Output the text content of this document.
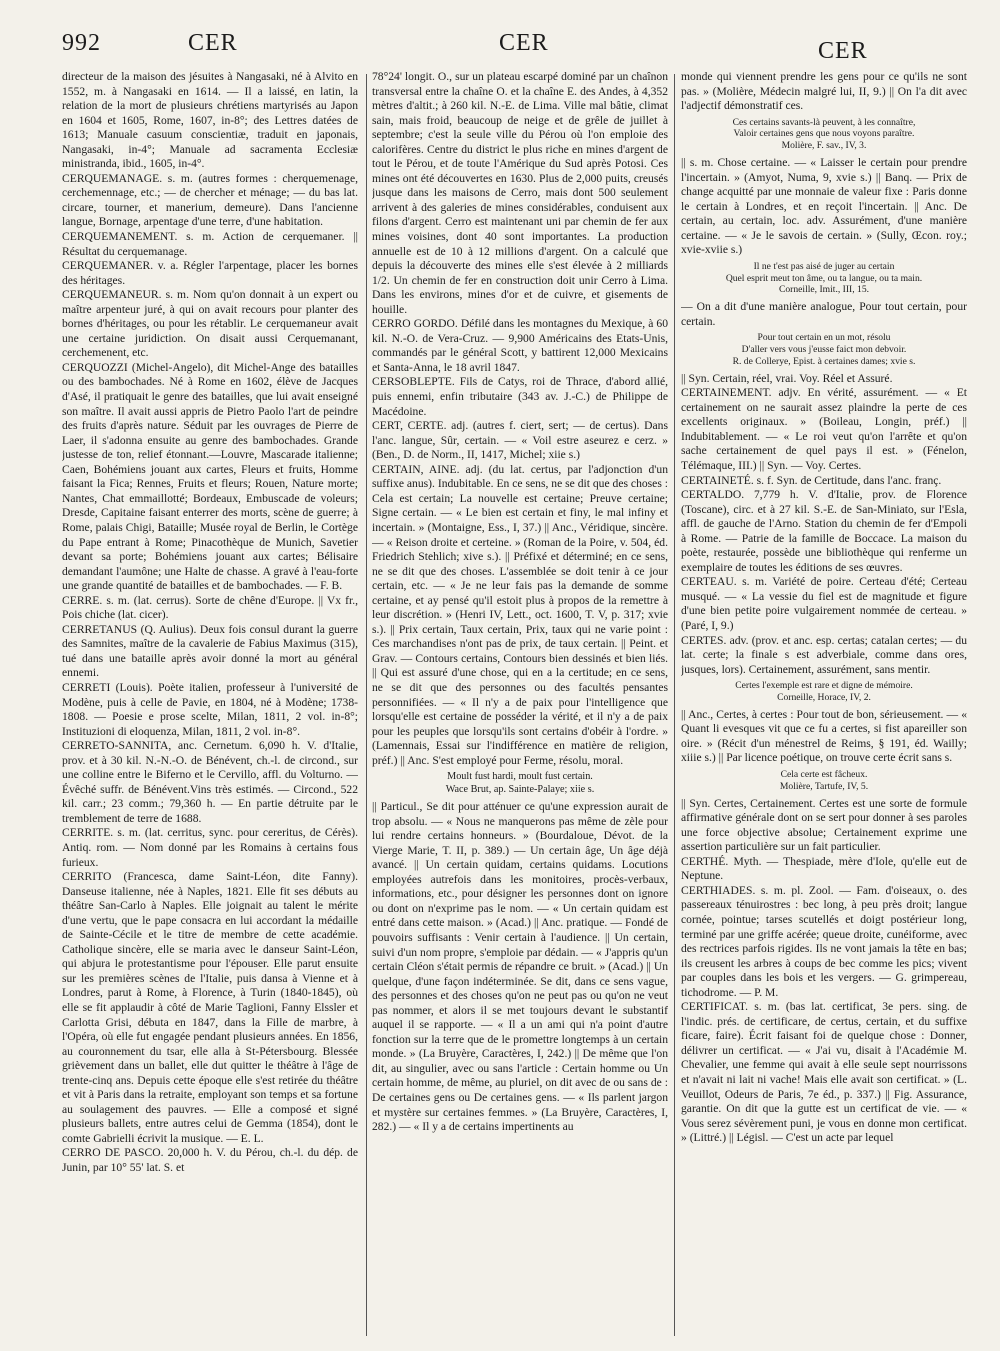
992	CER	CER	CER

directeur de la maison des jésuites à Nangasaki, né à Alvito en 1552, m. à Nangasaki en 1614. — Il a laissé, en latin, la relation de la mort de plusieurs chrétiens martyrisés au Japon en 1604 et 1605, Rome, 1607, in-8°; des Lettres datées de 1613; Manuale casuum conscientiæ, traduit en japonais, Nangasaki, in-4°; Manuale ad sacramenta Ecclesiæ ministranda, ibid., 1605, in-4°.

CERQUEMANAGE. s. m. (autres formes : cherquemenage, cerchemennage, etc.; — de chercher et ménage; — du bas lat. circare, tourner, et manerium, demeure). Dans l'ancienne langue, Bornage, arpentage d'une terre, d'une habitation.

CERQUEMANEMENT. s. m. Action de cerquemaner. || Résultat du cerquemanage.

CERQUEMANER. v. a. Régler l'arpentage, placer les bornes des héritages.

CERQUEMANEUR. s. m. Nom qu'on donnait à un expert ou maître arpenteur juré, à qui on avait recours pour planter des bornes d'héritages, ou pour les rétablir. Le cerquemaneur avait une certaine juridiction. On disait aussi Cerquemanant, cerchemenent, etc.

CERQUOZZI (Michel-Angelo), dit Michel-Ange des batailles ou des bambochades. Né à Rome en 1602, élève de Jacques d'Asé, il pratiquait le genre des batailles, que lui avait enseigné son maître. Il avait aussi appris de Pietro Paolo l'art de peindre des fruits d'après nature. Séduit par les ouvrages de Pierre de Laer, il s'adonna ensuite au genre des bambochades. Grande justesse de ton, relief étonnant.—Louvre, Mascarade italienne; Caen, Bohémiens jouant aux cartes, Fleurs et fruits, Homme faisant la Fica; Rennes, Fruits et fleurs; Rouen, Nature morte; Nantes, Chat emmaillotté; Bordeaux, Embuscade de voleurs; Dresde, Capitaine faisant enterrer des morts, scène de guerre; à Rome, palais Chigi, Bataille; Musée royal de Berlin, le Cortège du Pape entrant à Rome; Pinacothèque de Munich, Savetier devant sa porte; Bohémiens jouant aux cartes; Bélisaire demandant l'aumône; une Halte de chasse. A gravé à l'eau-forte une grande quantité de batailles et de bambochades. — F. B.

CERRE. s. m. (lat. cerrus). Sorte de chêne d'Europe. || Vx fr., Pois chiche (lat. cicer).

CERRETANUS (Q. Aulius). Deux fois consul durant la guerre des Samnites, maître de la cavalerie de Fabius Maximus (315), tué dans une bataille après avoir donné la mort au général ennemi.

CERRETI (Louis). Poète italien, professeur à l'université de Modène, puis à celle de Pavie, en 1804, né à Modène; 1738-1808. — Poesie e prose scelte, Milan, 1811, 2 vol. in-8°; Instituzioni di eloquenza, Milan, 1811, 2 vol. in-8°.

CERRETO-SANNITA, anc. Cernetum. 6,090 h. V. d'Italie, prov. et à 30 kil. N.-N.-O. de Bénévent, ch.-l. de circond., sur une colline entre le Biferno et le Cervillo, affl. du Volturno. — Évêché suffr. de Bénévent.Vins très estimés. — Circond., 522 kil. carr.; 23 comm.; 79,360 h. — En partie détruite par le tremblement de terre de 1688.

CERRITE. s. m. (lat. cerritus, sync. pour cereritus, de Cérès). Antiq. rom. — Nom donné par les Romains à certains fous furieux.

CERRITO (Francesca, dame Saint-Léon, dite Fanny). Danseuse italienne, née à Naples, 1821. Elle fit ses débuts au théâtre San-Carlo à Naples. Elle joignait au talent le mérite d'une vertu, que le pape consacra en lui accordant la médaille de Sainte-Cécile et le titre de membre de cette académie. Catholique sincère, elle se maria avec le danseur Saint-Léon, qui abjura le protestantisme pour l'épouser. Elle parut ensuite sur les premières scènes de l'Italie, puis dansa à Vienne et à Londres, parut à Rome, à Florence, à Turin (1840-1845), où elle se fit applaudir à côté de Marie Taglioni, Fanny Elssler et Carlotta Grisi, débuta en 1847, dans la Fille de marbre, à l'Opéra, où elle fut engagée pendant plusieurs années. En 1856, au couronnement du tsar, elle alla à St-Pétersbourg. Blessée grièvement dans un ballet, elle dut quitter le théâtre à l'âge de trente-cinq ans. Depuis cette époque elle s'est retirée du théâtre et vit à Paris dans la retraite, employant son temps et sa fortune au soulagement des pauvres. — Elle a composé et signé plusieurs ballets, entre autres celui de Gemma (1854), dont le comte Gabrielli écrivit la musique. — E. L.

CERRO DE PASCO. 20,000 h. V. du Pérou, ch.-l. du dép. de Junin, par 10° 55' lat. S. et

78°24' longit. O., sur un plateau escarpé dominé par un chaînon transversal entre la chaîne O. et la chaîne E. des Andes, à 4,352 mètres d'altit.; à 260 kil. N.-E. de Lima. Ville mal bâtie, climat sain, mais froid, beaucoup de neige et de grêle de juillet à septembre; c'est la seule ville du Pérou où l'on emploie des calorifères. Centre du district le plus riche en mines d'argent de tout le Pérou, et de toute l'Amérique du Sud après Potosi. Ces mines ont été découvertes en 1630. Plus de 2,000 puits, creusés jusque dans les maisons de Cerro, mais dont 500 seulement arrivent à des galeries de mines considérables, conduisent aux filons d'argent. Cerro est maintenant uni par chemin de fer aux mines voisines, dont 40 sont importantes. La production annuelle est de 10 à 12 millions d'argent. On a calculé que depuis la découverte des mines elle s'est élevée à 2 milliards 1/2. Un chemin de fer en construction doit unir Cerro à Lima. Dans les environs, mines d'or et de cuivre, et gisements de houille.

CERRO GORDO. Défilé dans les montagnes du Mexique, à 60 kil. N.-O. de Vera-Cruz. — 9,900 Américains des Etats-Unis, commandés par le général Scott, y battirent 12,000 Mexicains et Santa-Anna, le 18 avril 1847.

CERSOBLEPTE. Fils de Catys, roi de Thrace, d'abord allié, puis ennemi, enfin tributaire (343 av. J.-C.) de Philippe de Macédoine.

CERT, CERTE. adj. (autres f. ciert, sert; — de certus). Dans l'anc. langue, Sûr, certain. — « Voil estre aseurez e cerz. » (Ben., D. de Norm., II, 1417, Michel; xiie s.)

CERTAIN, AINE. adj. (du lat. certus, par l'adjonction d'un suffixe anus). Indubitable. En ce sens, ne se dit que des choses : Cela est certain; La nouvelle est certaine; Preuve certaine; Signe certain. — « Le bien est certain et finy, le mal infiny et incertain. » (Montaigne, Ess., I, 37.) || Anc., Véridique, sincère. — « Reison droite et certeine. » (Roman de la Poire, v. 504, éd. Friedrich Stehlich; xive s.). || Préfixé et déterminé; en ce sens, ne se dit que des choses. L'assemblée se doit tenir à ce jour certain, etc. — « Je ne leur fais pas la demande de somme certaine, et ay pensé qu'il estoit plus à propos de la remettre à leur discrétion. » (Henri IV, Lett., oct. 1600, T. V, p. 317; xvie s.). || Prix certain, Taux certain, Prix, taux qui ne varie point : Ces marchandises n'ont pas de prix, de taux certain. || Peint. et Grav. — Contours certains, Contours bien dessinés et bien liés. || Qui est assuré d'une chose, qui en a la certitude; en ce sens, ne se dit que des personnes ou des facultés pensantes personnifiées. — « Il n'y a de paix pour l'intelligence que lorsqu'elle est certaine de posséder la vérité, et il n'y a de paix pour les peuples que lorsqu'ils sont certains d'obéir à l'ordre. » (Lamennais, Essai sur l'indifférence en matière de religion, préf.) || Anc. S'est employé pour Ferme, résolu, moral.

Moult fust hardi, moult fust certain.
Wace Brut, ap. Sainte-Palaye; xiie s.

|| Particul., Se dit pour atténuer ce qu'une expression aurait de trop absolu. — « Nous ne manquerons pas même de zèle pour lui rendre certains honneurs. » (Bourdaloue, Dévot. de la Vierge Marie, T. II, p. 389.) — Un certain âge, Un âge déjà avancé. || Un certain quidam, certains quidams. Locutions employées autrefois dans les monitoires, procès-verbaux, informations, etc., pour désigner les personnes dont on ignore ou dont on n'exprime pas le nom. — « Un certain quidam est entré dans cette maison. » (Acad.) || Anc. pratique. — Fondé de pouvoirs suffisants : Venir certain à l'audience. || Un certain, suivi d'un nom propre, s'emploie par dédain. — « J'appris qu'un certain Cléon s'était permis de répandre ce bruit. » (Acad.) || Un quelque, d'une façon indéterminée. Se dit, dans ce sens vague, des personnes et des choses qu'on ne peut pas ou qu'on ne veut pas nommer, et alors il se met toujours devant le substantif auquel il se rapporte. — « Il a un ami qui n'a point d'autre fonction sur la terre que de le promettre longtemps à un certain monde. » (La Bruyère, Caractères, I, 242.) || De même que l'on dit, au singulier, avec ou sans l'article : Certain homme ou Un certain homme, de même, au pluriel, on dit avec de ou sans de : De certaines gens ou De certaines gens. — « Ils parlent jargon et mystère sur certaines femmes. » (La Bruyère, Caractères, I, 282.) — « Il y a de certains impertinents au

monde qui viennent prendre les gens pour ce qu'ils ne sont pas. » (Molière, Médecin malgré lui, II, 9.) || On l'a dit avec l'adjectif démonstratif ces.

Ces certains savants-là peuvent, à les connaître,
Valoir certaines gens que nous voyons paraître.
Molière, F. sav., IV, 3.

|| s. m. Chose certaine. — « Laisser le certain pour prendre l'incertain. » (Amyot, Numa, 9, xvie s.) || Banq. — Prix de change acquitté par une monnaie de valeur fixe : Paris donne le certain à Londres, et en reçoit l'incertain. || Anc. De certain, au certain, loc. adv. Assurément, d'une manière certaine. — « Je le savois de certain. » (Sully, Œcon. roy.; xvie-xviie s.)

Il ne t'est pas aisé de juger au certain
Quel esprit meut ton âme, ou ta langue, ou ta main.
Corneille, Imit., III, 15.

— On a dit d'une manière analogue, Pour tout certain, pour certain.

Pour tout certain en un mot, résolu
D'aller vers vous j'eusse faict mon debvoir.
R. de Collerye, Epist. à certaines dames; xvie s.

|| Syn. Certain, réel, vrai. Voy. Réel et Assuré.

CERTAINEMENT. adjv. En vérité, assurément. — « Et certainement on ne saurait assez plaindre la perte de ces excellents originaux. » (Boileau, Longin, préf.) || Indubitablement. — « Le roi veut qu'on l'arrête et qu'on sache certainement de quel pays il est. » (Fénelon, Télémaque, III.) || Syn. — Voy. Certes.

CERTAINETÉ. s. f. Syn. de Certitude, dans l'anc. franç.

CERTALDO. 7,779 h. V. d'Italie, prov. de Florence (Toscane), circ. et à 27 kil. S.-E. de San-Miniato, sur l'Esla, affl. de gauche de l'Arno. Station du chemin de fer d'Empoli à Rome. — Patrie de la famille de Boccace. La maison du poète, restaurée, possède une bibliothèque qui renferme un exemplaire de toutes les éditions de ses œuvres.

CERTEAU. s. m. Variété de poire. Certeau d'été; Certeau musqué. — « La vessie du fiel est de magnitude et figure d'une bien petite poire vulgairement nommée de certeau. » (Paré, I, 9.)

CERTES. adv. (prov. et anc. esp. certas; catalan certes; — du lat. certe; la finale s est adverbiale, comme dans ores, jusques, lors). Certainement, assurément, sans mentir.

Certes l'exemple est rare et digne de mémoire.
Corneille, Horace, IV, 2.

|| Anc., Certes, à certes : Pour tout de bon, sérieusement. — « Quant li evesques vit que ce fu a certes, si fist apareiller son oire. » (Récit d'un ménestrel de Reims, § 191, éd. Wailly; xiiie s.) || Par licence poétique, on trouve certe écrit sans s.

Cela certe est fâcheux.
Molière, Tartufe, IV, 5.

|| Syn. Certes, Certainement. Certes est une sorte de formule affirmative générale dont on se sert pour donner à ses paroles une force objective absolue; Certainement exprime une assertion particulière sur un fait particulier.

CERTHÉ. Myth. — Thespiade, mère d'Iole, qu'elle eut de Neptune.

CERTHIADES. s. m. pl. Zool. — Fam. d'oiseaux, o. des passereaux ténuirostres : bec long, à peu près droit; langue cornée, pointue; tarses scutellés et doigt postérieur long, terminé par une griffe acérée; queue droite, cunéiforme, avec des rectrices parfois rigides. Ils ne vont jamais la tête en bas; ils creusent les arbres à coups de bec comme les pics; vivent par couples dans les bois et les vergers. — G. grimpereau, tichodrome. — P. M.

CERTIFICAT. s. m. (bas lat. certificat, 3e pers. sing. de l'indic. prés. de certificare, de certus, certain, et du suffixe ficare, faire). Écrit faisant foi de quelque chose : Donner, délivrer un certificat. — « J'ai vu, disait à l'Académie M. Chevalier, une femme qui avait à elle seule sept nourrissons et n'avait ni lait ni vache! Mais elle avait son certificat. » (L. Veuillot, Odeurs de Paris, 7e éd., p. 337.) || Fig. Assurance, garantie. On dit que la gutte est un certificat de vie. — « Vous serez sévèrement puni, je vous en donne mon certificat. » (Littré.) || Législ. — C'est un acte par lequel
